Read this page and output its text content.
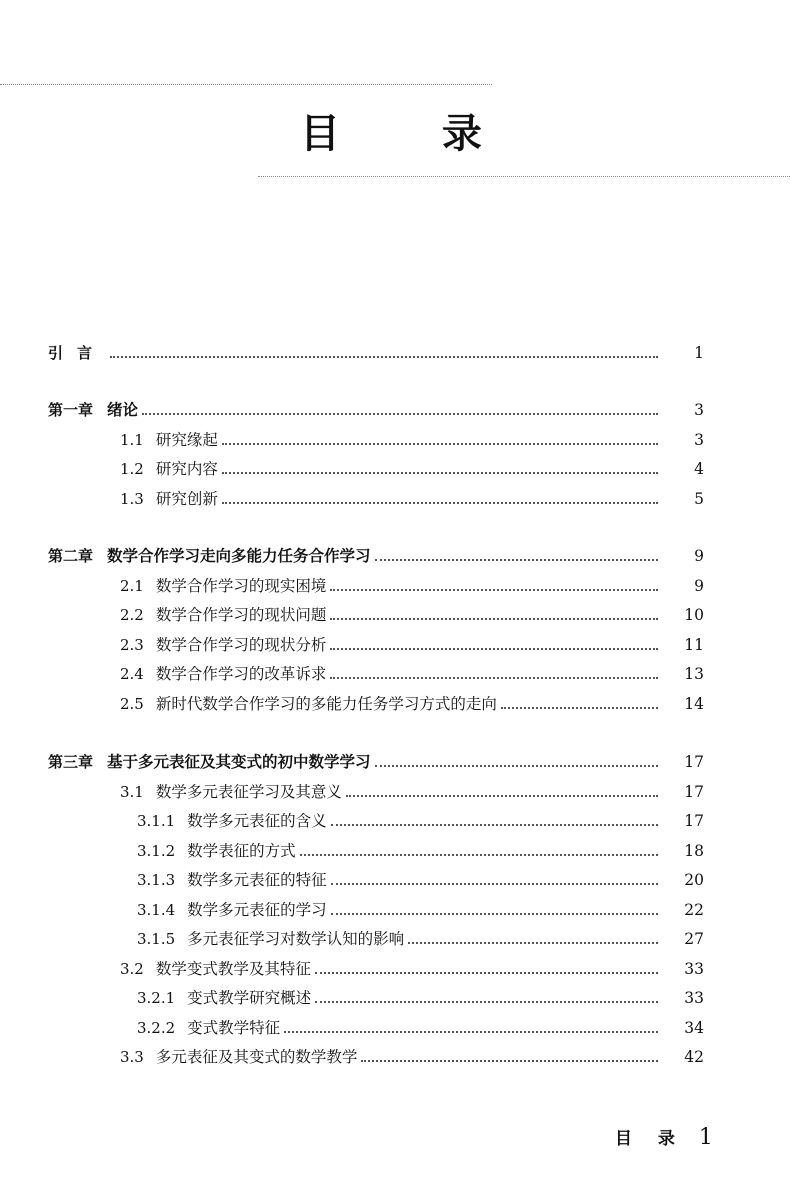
目 录
引言	1
第一章 绪论	3
1.1 研究缘起	3
1.2 研究内容	4
1.3 研究创新	5
第二章 数学合作学习走向多能力任务合作学习	9
2.1 数学合作学习的现实困境	9
2.2 数学合作学习的现状问题	10
2.3 数学合作学习的现状分析	11
2.4 数学合作学习的改革诉求	13
2.5 新时代数学合作学习的多能力任务学习方式的走向	14
第三章 基于多元表征及其变式的初中数学学习	17
3.1 数学多元表征学习及其意义	17
3.1.1 数学多元表征的含义	17
3.1.2 数学表征的方式	18
3.1.3 数学多元表征的特征	20
3.1.4 数学多元表征的学习	22
3.1.5 多元表征学习对数学认知的影响	27
3.2 数学变式教学及其特征	33
3.2.1 变式教学研究概述	33
3.2.2 变式教学特征	34
3.3 多元表征及其变式的数学教学	42
目 录 1
